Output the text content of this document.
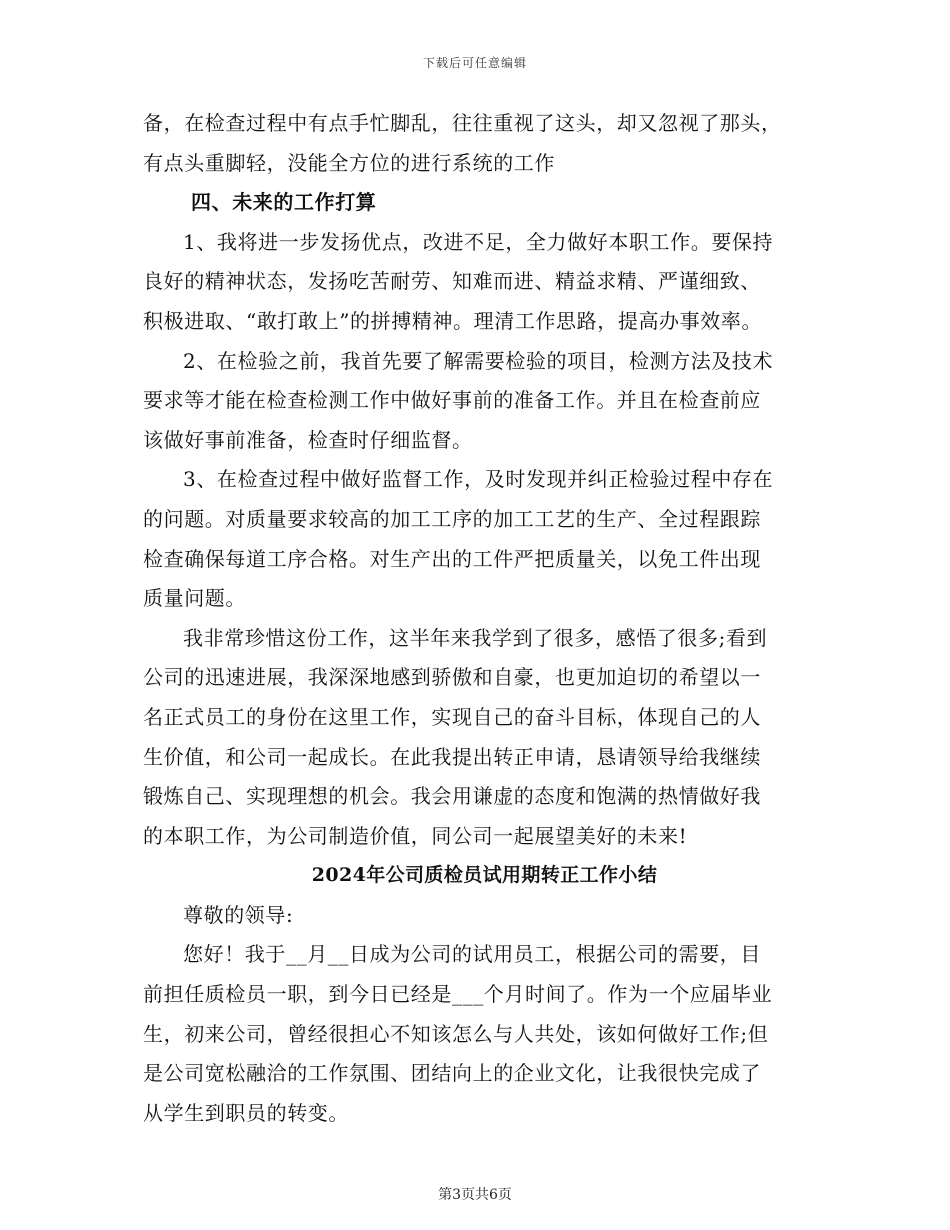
下载后可任意编辑
备，在检查过程中有点手忙脚乱，往往重视了这头，却又忽视了那头，
有点头重脚轻，没能全方位的进行系统的工作
四、未来的工作打算
1、我将进一步发扬优点，改进不足，全力做好本职工作。要保持
良好的精神状态，发扬吃苦耐劳、知难而进、精益求精、严谨细致、
积极进取、“敢打敢上”的拼搏精神。理清工作思路，提高办事效率。
2、在检验之前，我首先要了解需要检验的项目，检测方法及技术
要求等才能在检查检测工作中做好事前的准备工作。并且在检查前应
该做好事前准备，检查时仔细监督。
3、在检查过程中做好监督工作，及时发现并纠正检验过程中存在
的问题。对质量要求较高的加工工序的加工工艺的生产、全过程跟踪
检查确保每道工序合格。对生产出的工件严把质量关，以免工件出现
质量问题。
我非常珍惜这份工作，这半年来我学到了很多，感悟了很多;看到
公司的迅速进展，我深深地感到骄傲和自豪，也更加迫切的希望以一
名正式员工的身份在这里工作，实现自己的奋斗目标，体现自己的人
生价值，和公司一起成长。在此我提出转正申请，恳请领导给我继续
锻炼自己、实现理想的机会。我会用谦虚的态度和饱满的热情做好我
的本职工作，为公司制造价值，同公司一起展望美好的未来!
2024年公司质检员试用期转正工作小结
尊敬的领导:
您好！我于__月__日成为公司的试用员工，根据公司的需要，目
前担任质检员一职，到今日已经是___个月时间了。作为一个应届毕业
生，初来公司，曾经很担心不知该怎么与人共处，该如何做好工作;但
是公司宽松融洽的工作氛围、团结向上的企业文化，让我很快完成了
从学生到职员的转变。
第3页共6页
